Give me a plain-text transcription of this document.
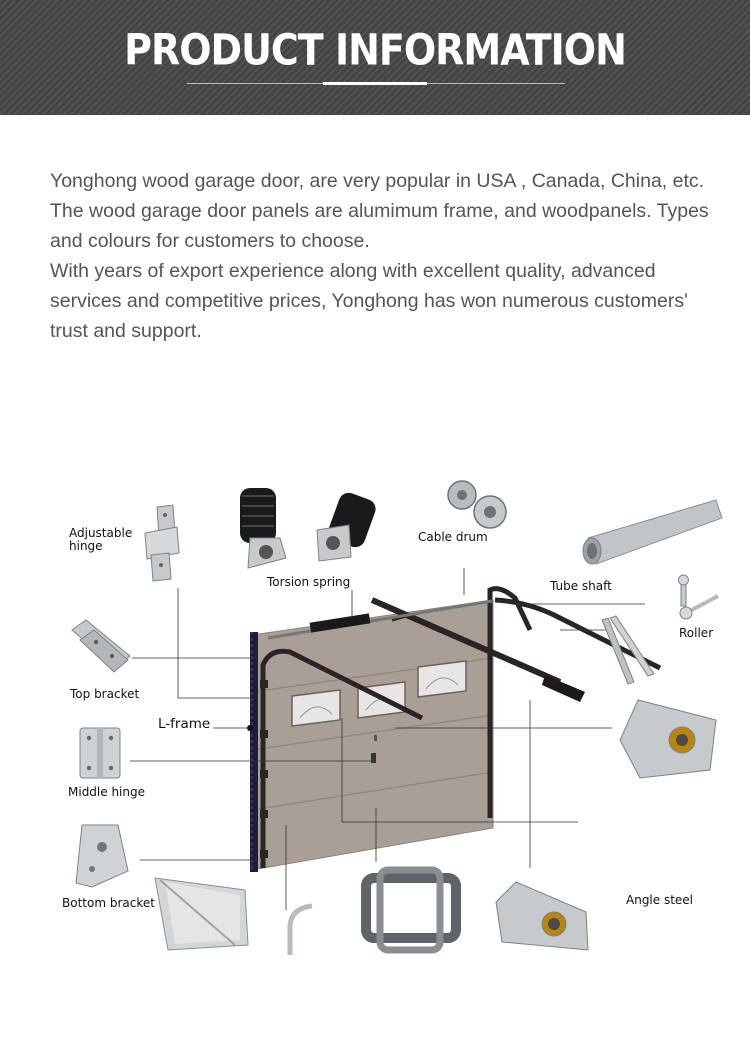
PRODUCT INFORMATION

Yonghong wood garage door, are very popular in USA , Canada, China, etc.

The wood garage door panels are alumimum frame, and woodpanels. Types and colours for customers to choose.

With years of export experience along with excellent quality, advanced services and competitive prices, Yonghong has won numerous customers' trust and support.

Adjustable
hinge
Torsion spring
Cable drum
Tube shaft
Roller
Top bracket
L-frame
Middle hinge
Bottom bracket	Angle steel
